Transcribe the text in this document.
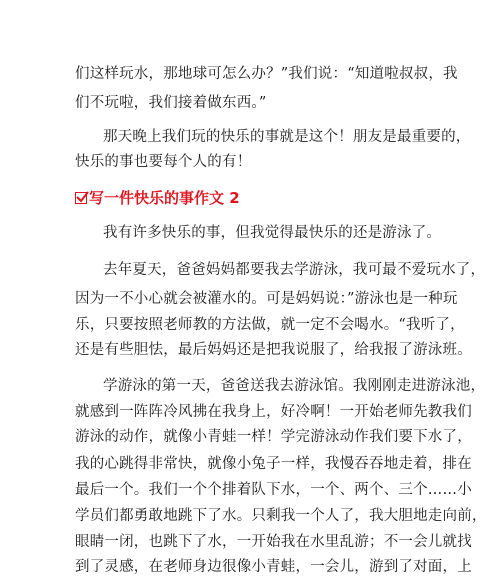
们这样玩水，那地球可怎么办？”我们说：“知道啦叔叔，我
们不玩啦，我们接着做东西。”
那天晚上我们玩的快乐的事就是这个！朋友是最重要的，
快乐的事也要每个人的有！
写一件快乐的事作文 2
我有许多快乐的事，但我觉得最快乐的还是游泳了。
去年夏天，爸爸妈妈都要我去学游泳，我可最不爱玩水了，
因为一不小心就会被灌水的。可是妈妈说：”游泳也是一种玩
乐，只要按照老师教的方法做，就一定不会喝水。“我听了，
还是有些胆怯，最后妈妈还是把我说服了，给我报了游泳班。
学游泳的第一天，爸爸送我去游泳馆。我刚刚走进游泳池，
就感到一阵阵冷风拂在我身上，好冷啊！一开始老师先教我们
游泳的动作，就像小青蛙一样！学完游泳动作我们要下水了，
我的心跳得非常快，就像小兔子一样，我慢吞吞地走着，排在
最后一个。我们一个个排着队下水，一个、两个、三个……小
学员们都勇敢地跳下了水。只剩我一个人了，我大胆地走向前，
眼睛一闭，也跳下了水，一开始我在水里乱游；不一会儿就找
到了灵感，在老师身边很像小青蛙，一会儿，游到了对面，上
